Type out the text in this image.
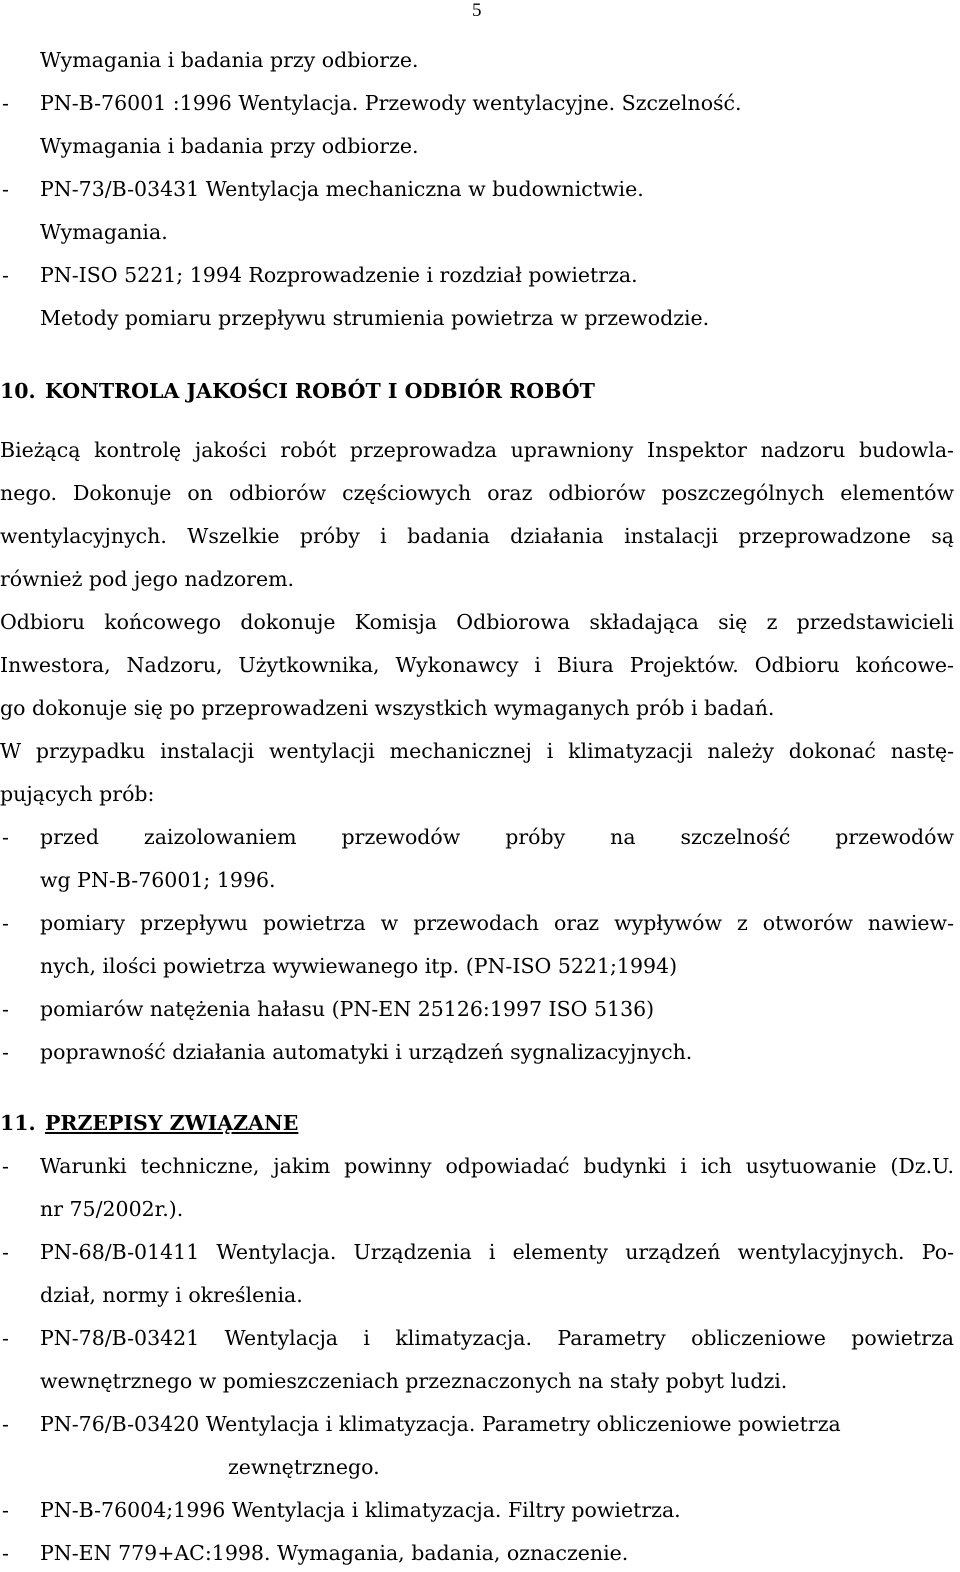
5
Wymagania i badania przy odbiorze.
- PN-B-76001 :1996 Wentylacja. Przewody wentylacyjne. Szczelność.
Wymagania i badania przy odbiorze.
- PN-73/B-03431 Wentylacja mechaniczna w budownictwie.
Wymagania.
- PN-ISO 5221; 1994 Rozprowadzenie i rozdział powietrza.
Metody pomiaru przepływu strumienia powietrza w przewodzie.
10. KONTROLA JAKOŚCI ROBÓT I ODBIÓR ROBÓT
Bieżącą kontrolę jakości robót przeprowadza uprawniony Inspektor nadzoru budowla-
nego. Dokonuje on odbiorów częściowych oraz odbiorów poszczególnych elementów
wentylacyjnych. Wszelkie próby i badania działania instalacji przeprowadzone są
również pod jego nadzorem.
Odbioru końcowego dokonuje Komisja Odbiorowa składająca się z przedstawicieli
Inwestora, Nadzoru, Użytkownika, Wykonawcy i Biura Projektów. Odbioru końcowe-
go dokonuje się po przeprowadzeni wszystkich wymaganych prób i badań.
W przypadku instalacji wentylacji mechanicznej i klimatyzacji należy dokonać nastę-
pujących prób:
- przed zaizolowaniem przewodów próby na szczelność przewodów
wg PN-B-76001; 1996.
- pomiary przepływu powietrza w przewodach oraz wypływów z otworów nawiew-
nych, ilości powietrza wywiewanego itp. (PN-ISO 5221;1994)
- pomiarów natężenia hałasu (PN-EN 25126:1997 ISO 5136)
- poprawność działania automatyki i urządzeń sygnalizacyjnych.
11. PRZEPISY ZWIĄZANE
- Warunki techniczne, jakim powinny odpowiadać budynki i ich usytuowanie (Dz.U.
nr 75/2002r.).
- PN-68/B-01411 Wentylacja. Urządzenia i elementy urządzeń wentylacyjnych. Po-
dział, normy i określenia.
- PN-78/B-03421 Wentylacja i klimatyzacja. Parametry obliczeniowe powietrza
wewnętrznego w pomieszczeniach przeznaczonych na stały pobyt ludzi.
- PN-76/B-03420 Wentylacja i klimatyzacja. Parametry obliczeniowe powietrza
zewnętrznego.
- PN-B-76004;1996 Wentylacja i klimatyzacja. Filtry powietrza.
- PN-EN 779+AC:1998. Wymagania, badania, oznaczenie.
